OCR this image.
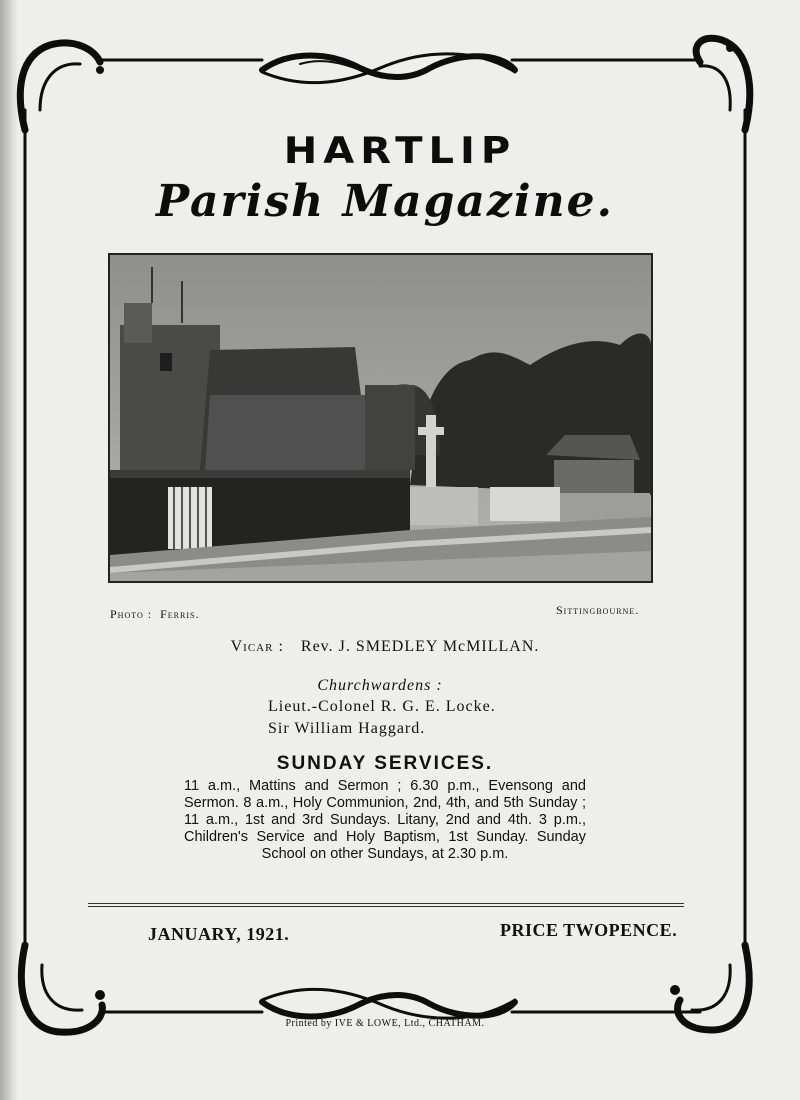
HARTLIP
Parish Magazine.

Photo : Ferris.	Sittingbourne.

Vicar : Rev. J. SMEDLEY McMILLAN.

Churchwardens :

Lieut.-Colonel R. G. E. Locke.

Sir William Haggard.

SUNDAY SERVICES.

11 a.m., Mattins and Sermon ; 6.30 p.m., Evensong and Sermon. 8 a.m., Holy Communion, 2nd, 4th, and 5th Sunday ; 11 a.m., 1st and 3rd Sundays. Litany, 2nd and 4th. 3 p.m., Children's Service and Holy Baptism, 1st Sunday. Sunday School on other Sundays, at 2.30 p.m.

JANUARY, 1921.	PRICE TWOPENCE.

Printed by IVE & LOWE, Ltd., CHATHAM.
